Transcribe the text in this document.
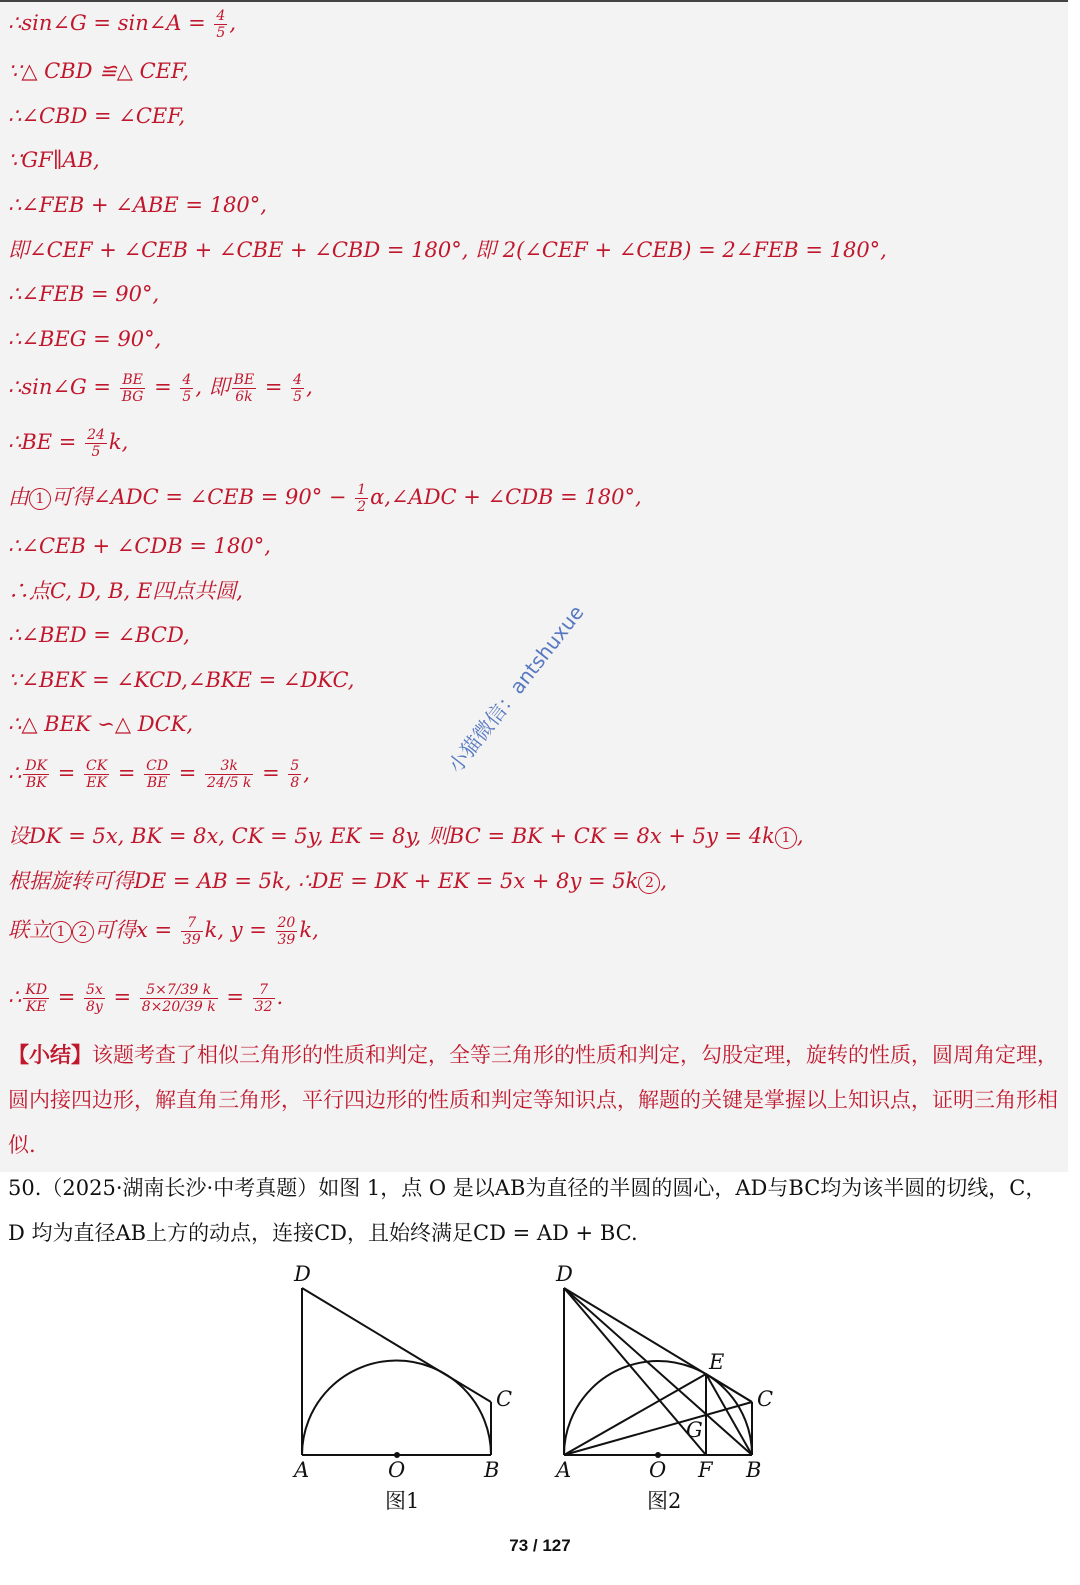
∴sin∠G = sin∠A = $\frac{4}{5}$ ,
∵△ CBD ≌△ CEF,
∴∠CBD = ∠CEF,
∵GF∥AB,
∴∠FEB + ∠ABE = 180°,
即∠CEF + ∠CEB + ∠CBE + ∠CBD = 180°, 即 2(∠CEF + ∠CEB) = 2∠FEB = 180°,
∴∠FEB = 90°,
∴∠BEG = 90°,
∴sin∠G = $\frac{BE}{BG} = \frac{4}{5}$ , 即 $\frac{BE}{6k} = \frac{4}{5}$ ,
∴BE = $\frac{24}{5} k$,
由 1 可得∠ADC = ∠CEB = $90^\circ - \frac{1}{2}$ α,∠ADC + ∠CDB = 180°,
∴∠CEB + ∠CDB = 180°,
∴点C, D, B, E四点共圆,
∴∠BED = ∠BCD,
∵∠BEK = ∠KCD,∠BKE = ∠DKC,
∴△ BEK ∽△ DCK,
∴ $\frac{DK}{BK} = \frac{CK}{EK} = \frac{CD}{BE} = \frac{3k}{24/5 k} = \frac{5}{8}$ ,
设DK = 5x, BK = 8x, CK = 5y, EK = 8y, 则BC = BK + CK = 8x + 5y = 4k 1 ,
根据旋转可得DE = AB = 5k, ∴DE = DK + EK = 5x + 8y = 5k 2 ,
联立 1 2 可得$x = \frac{7}{39} k$, $y = \frac{20}{39} k$,
∴ $\frac{KD}{KE} = \frac{5x}{8y} = \frac{5\times 7/39 k}{8\times 20/39 k} = \frac{7}{32}$ .
【小结】该题考查了相似三角形的性质和判定，全等三角形的性质和判定，勾股定理，旋转的性质，圆周角定理，圆内接四边形，解直角三角形，平行四边形的性质和判定等知识点，解题的关键是掌握以上知识点，证明三角形相似.
50.（2025·湖南长沙·中考真题）如图 1，点 O 是以AB为直径的半圆的圆心，AD与BC均为该半圆的切线，C，D 均为直径AB上方的动点，连接CD，且始终满足CD = AD + BC.
D
C
A	O	B
图1
D
E
C
G
A	O F B
图2
小猫微信：antshuxue
73 / 127
